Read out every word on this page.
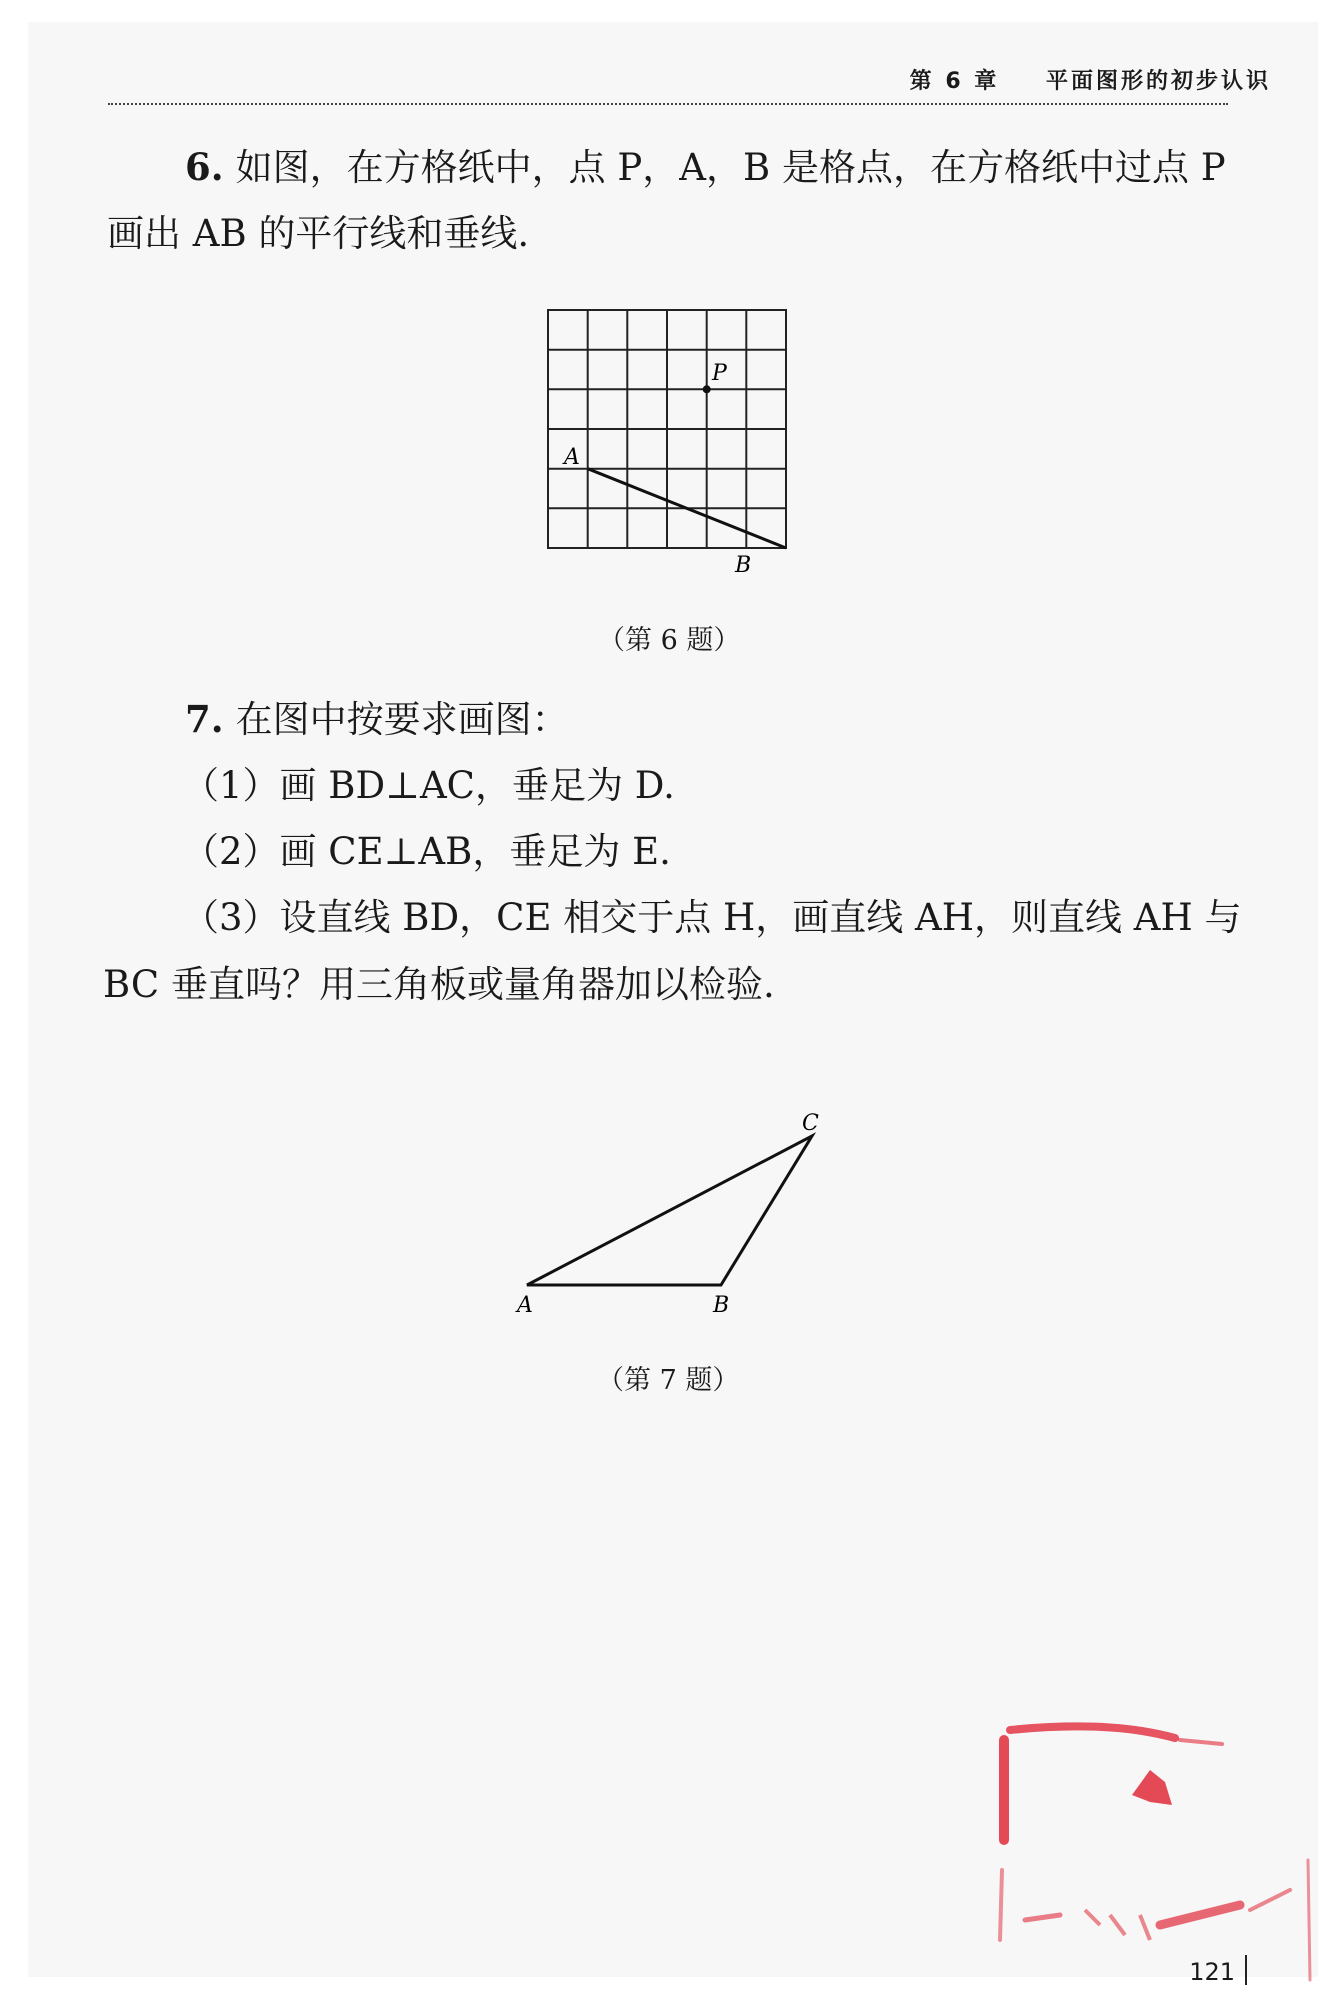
第 6 章 平面图形的初步认识
6. 如图，在方格纸中，点 P，A，B 是格点，在方格纸中过点 P
画出 AB 的平行线和垂线.
P
A
B
（第 6 题）
7. 在图中按要求画图：
（1）画 BD⊥AC，垂足为 D.
（2）画 CE⊥AB，垂足为 E.
（3）设直线 BD，CE 相交于点 H，画直线 AH，则直线 AH 与
BC 垂直吗？用三角板或量角器加以检验.
A	B
C
（第 7 题）
121
